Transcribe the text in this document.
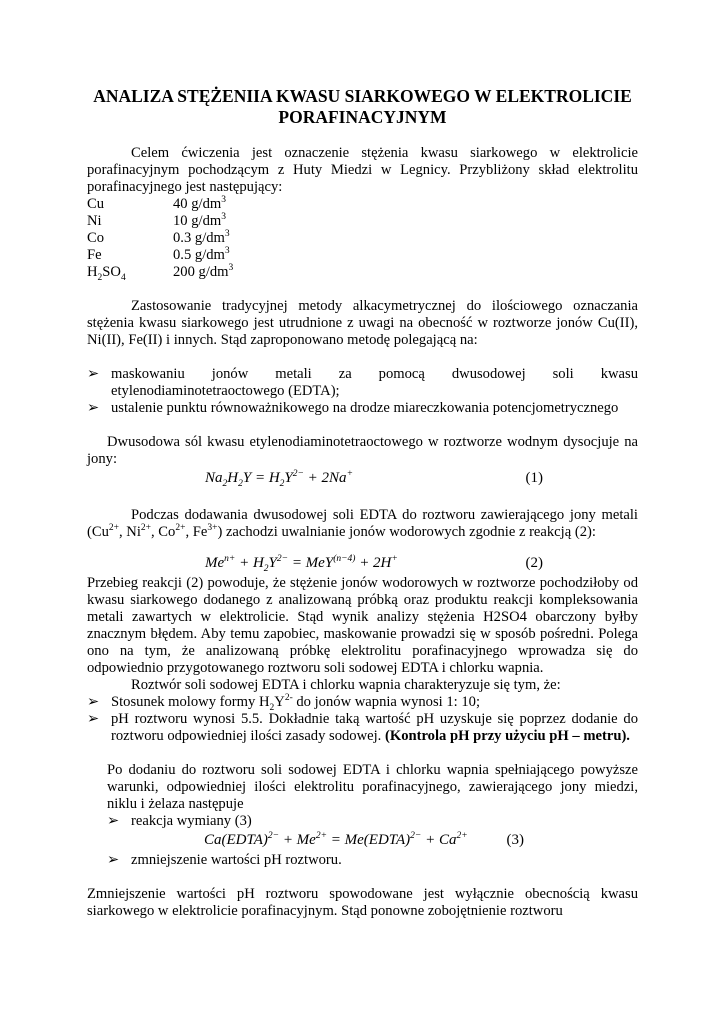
ANALIZA STĘŻENIIA KWASU SIARKOWEGO W ELEKTROLICIE PORAFINACYJNYM

Celem ćwiczenia jest oznaczenie stężenia kwasu siarkowego w elektrolicie porafinacyjnym pochodzącym z Huty Miedzi w Legnicy. Przybliżony skład elektrolitu porafinacyjnego jest następujący:

Cu	40 $g/dm^3$
Ni	10 $g/dm^3$
Co	0.3 $g/dm^3$
Fe	0.5 $g/dm^3$
$H_2SO_4$	200 $g/dm^3$

Zastosowanie tradycyjnej metody alkacymetrycznej do ilościowego oznaczania stężenia kwasu siarkowego jest utrudnione z uwagi na obecność w roztworze jonów Cu(II), Ni(II), Fe(II) i innych. Stąd zaproponowano metodę polegającą na:

➢ maskowaniu jonów metali za pomocą dwusodowej soli kwasu etylenodiaminotetraoctowego (EDTA);
➢ ustalenie punktu równoważnikowego na drodze miareczkowania potencjometrycznego

Dwusodowa sól kwasu etylenodiaminotetraoctowego w roztworze wodnym dysocjuje na jony:

$Na_2H_2Y = H_2Y^{2-} + 2Na^+$	(1)

Podczas dodawania dwusodowej soli EDTA do roztworu zawierającego jony metali ($Cu^{2+}$, $Ni^{2+}$, $Co^{2+}$, $Fe^{3+}$) zachodzi uwalnianie jonów wodorowych zgodnie z reakcją (2):

$Me^{n+} + H_2Y^{2-} = MeY^{(n-4)} + 2H^+$	(2)

Przebieg reakcji (2) powoduje, że stężenie jonów wodorowych w roztworze pochodziłoby od kwasu siarkowego dodanego z analizowaną próbką oraz produktu reakcji kompleksowania metali zawartych w elektrolicie. Stąd wynik analizy stężenia H2SO4 obarczony byłby znacznym błędem. Aby temu zapobiec, maskowanie prowadzi się w sposób pośredni. Polega ono na tym, że analizowaną próbkę elektrolitu porafinacyjnego wprowadza się do odpowiednio przygotowanego roztworu soli sodowej EDTA i chlorku wapnia.

Roztwór soli sodowej EDTA i chlorku wapnia charakteryzuje się tym, że:

➢ Stosunek molowy formy $H_2Y^{2-}$ do jonów wapnia wynosi 1: 10;
➢ pH roztworu wynosi 5.5. Dokładnie taką wartość pH uzyskuje się poprzez dodanie do roztworu odpowiedniej ilości zasady sodowej. (Kontrola pH przy użyciu pH – metru).

Po dodaniu do roztworu soli sodowej EDTA i chlorku wapnia spełniającego powyższe warunki, odpowiedniej ilości elektrolitu porafinacyjnego, zawierającego jony miedzi, niklu i żelaza następuje

➢ reakcja wymiany (3)
Ca(EDTA)$^{2-}$ + $Me^{2+}$ = Me(EDTA)$^{2-}$ + $Ca^{2+}$	(3)
➢ zmniejszenie wartości pH roztworu.

Zmniejszenie wartości pH roztworu spowodowane jest wyłącznie obecnością kwasu siarkowego w elektrolicie porafinacyjnym. Stąd ponowne zobojętnienie roztworu
